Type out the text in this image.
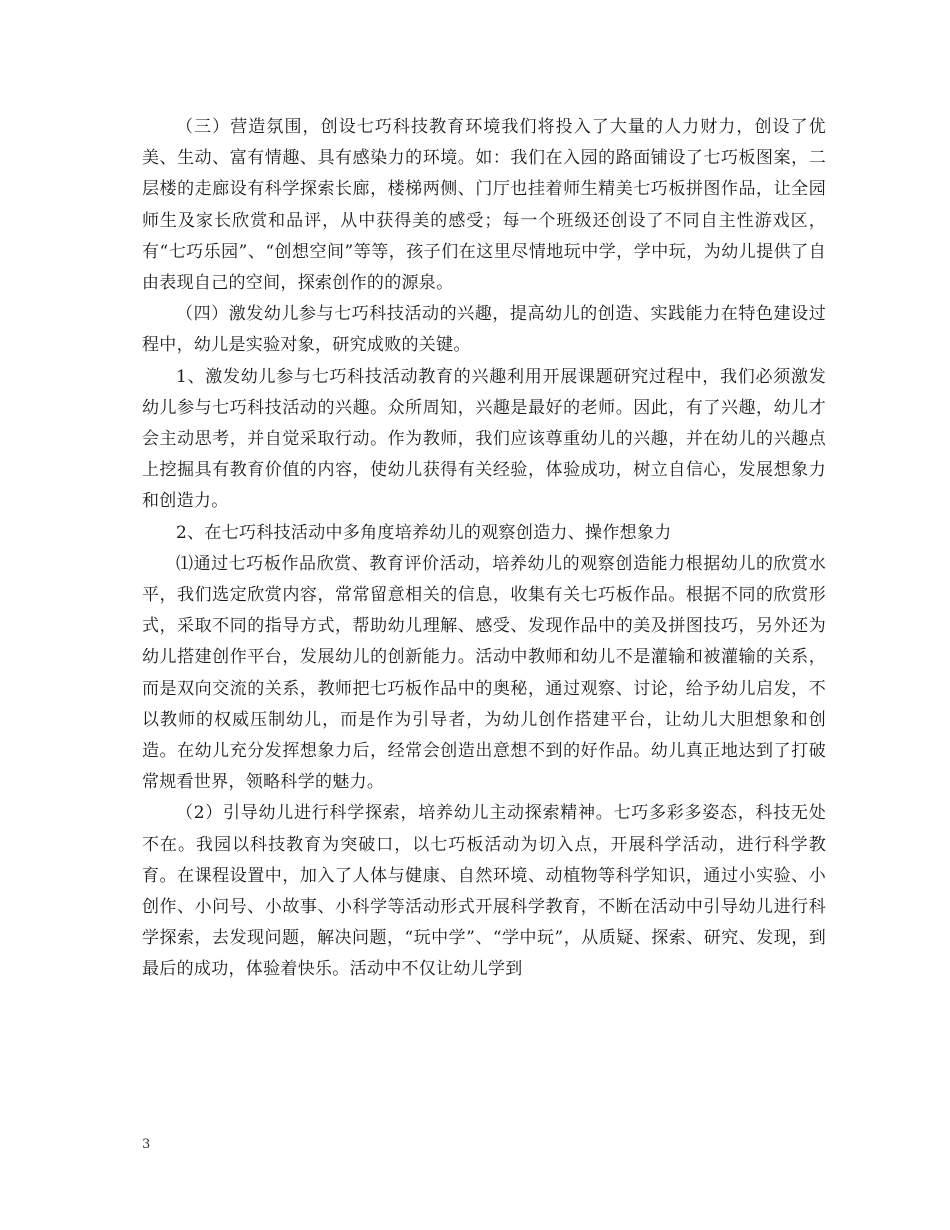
（三）营造氛围，创设七巧科技教育环境我们将投入了大量的人力财力，创设了优美、生动、富有情趣、具有感染力的环境。如：我们在入园的路面铺设了七巧板图案，二层楼的走廊设有科学探索长廊，楼梯两侧、门厅也挂着师生精美七巧板拼图作品，让全园师生及家长欣赏和品评，从中获得美的感受；每一个班级还创设了不同自主性游戏区，有“七巧乐园”、“创想空间”等等，孩子们在这里尽情地玩中学，学中玩，为幼儿提供了自由表现自己的空间，探索创作的的源泉。

（四）激发幼儿参与七巧科技活动的兴趣，提高幼儿的创造、实践能力在特色建设过程中，幼儿是实验对象，研究成败的关键。

1、激发幼儿参与七巧科技活动教育的兴趣利用开展课题研究过程中，我们必须激发幼儿参与七巧科技活动的兴趣。众所周知，兴趣是最好的老师。因此，有了兴趣，幼儿才会主动思考，并自觉采取行动。作为教师，我们应该尊重幼儿的兴趣，并在幼儿的兴趣点上挖掘具有教育价值的内容，使幼儿获得有关经验，体验成功，树立自信心，发展想象力和创造力。

2、在七巧科技活动中多角度培养幼儿的观察创造力、操作想象力

⑴通过七巧板作品欣赏、教育评价活动，培养幼儿的观察创造能力根据幼儿的欣赏水平，我们选定欣赏内容，常常留意相关的信息，收集有关七巧板作品。根据不同的欣赏形式，采取不同的指导方式，帮助幼儿理解、感受、发现作品中的美及拼图技巧，另外还为幼儿搭建创作平台，发展幼儿的创新能力。活动中教师和幼儿不是灌输和被灌输的关系，而是双向交流的关系，教师把七巧板作品中的奥秘，通过观察、讨论，给予幼儿启发，不以教师的权威压制幼儿，而是作为引导者，为幼儿创作搭建平台，让幼儿大胆想象和创造。在幼儿充分发挥想象力后，经常会创造出意想不到的好作品。幼儿真正地达到了打破常规看世界，领略科学的魅力。

（2）引导幼儿进行科学探索，培养幼儿主动探索精神。七巧多彩多姿态，科技无处不在。我园以科技教育为突破口，以七巧板活动为切入点，开展科学活动，进行科学教育。在课程设置中，加入了人体与健康、自然环境、动植物等科学知识，通过小实验、小创作、小问号、小故事、小科学等活动形式开展科学教育，不断在活动中引导幼儿进行科学探索，去发现问题，解决问题，“玩中学”、“学中玩”，从质疑、探索、研究、发现，到最后的成功，体验着快乐。活动中不仅让幼儿学到

3
